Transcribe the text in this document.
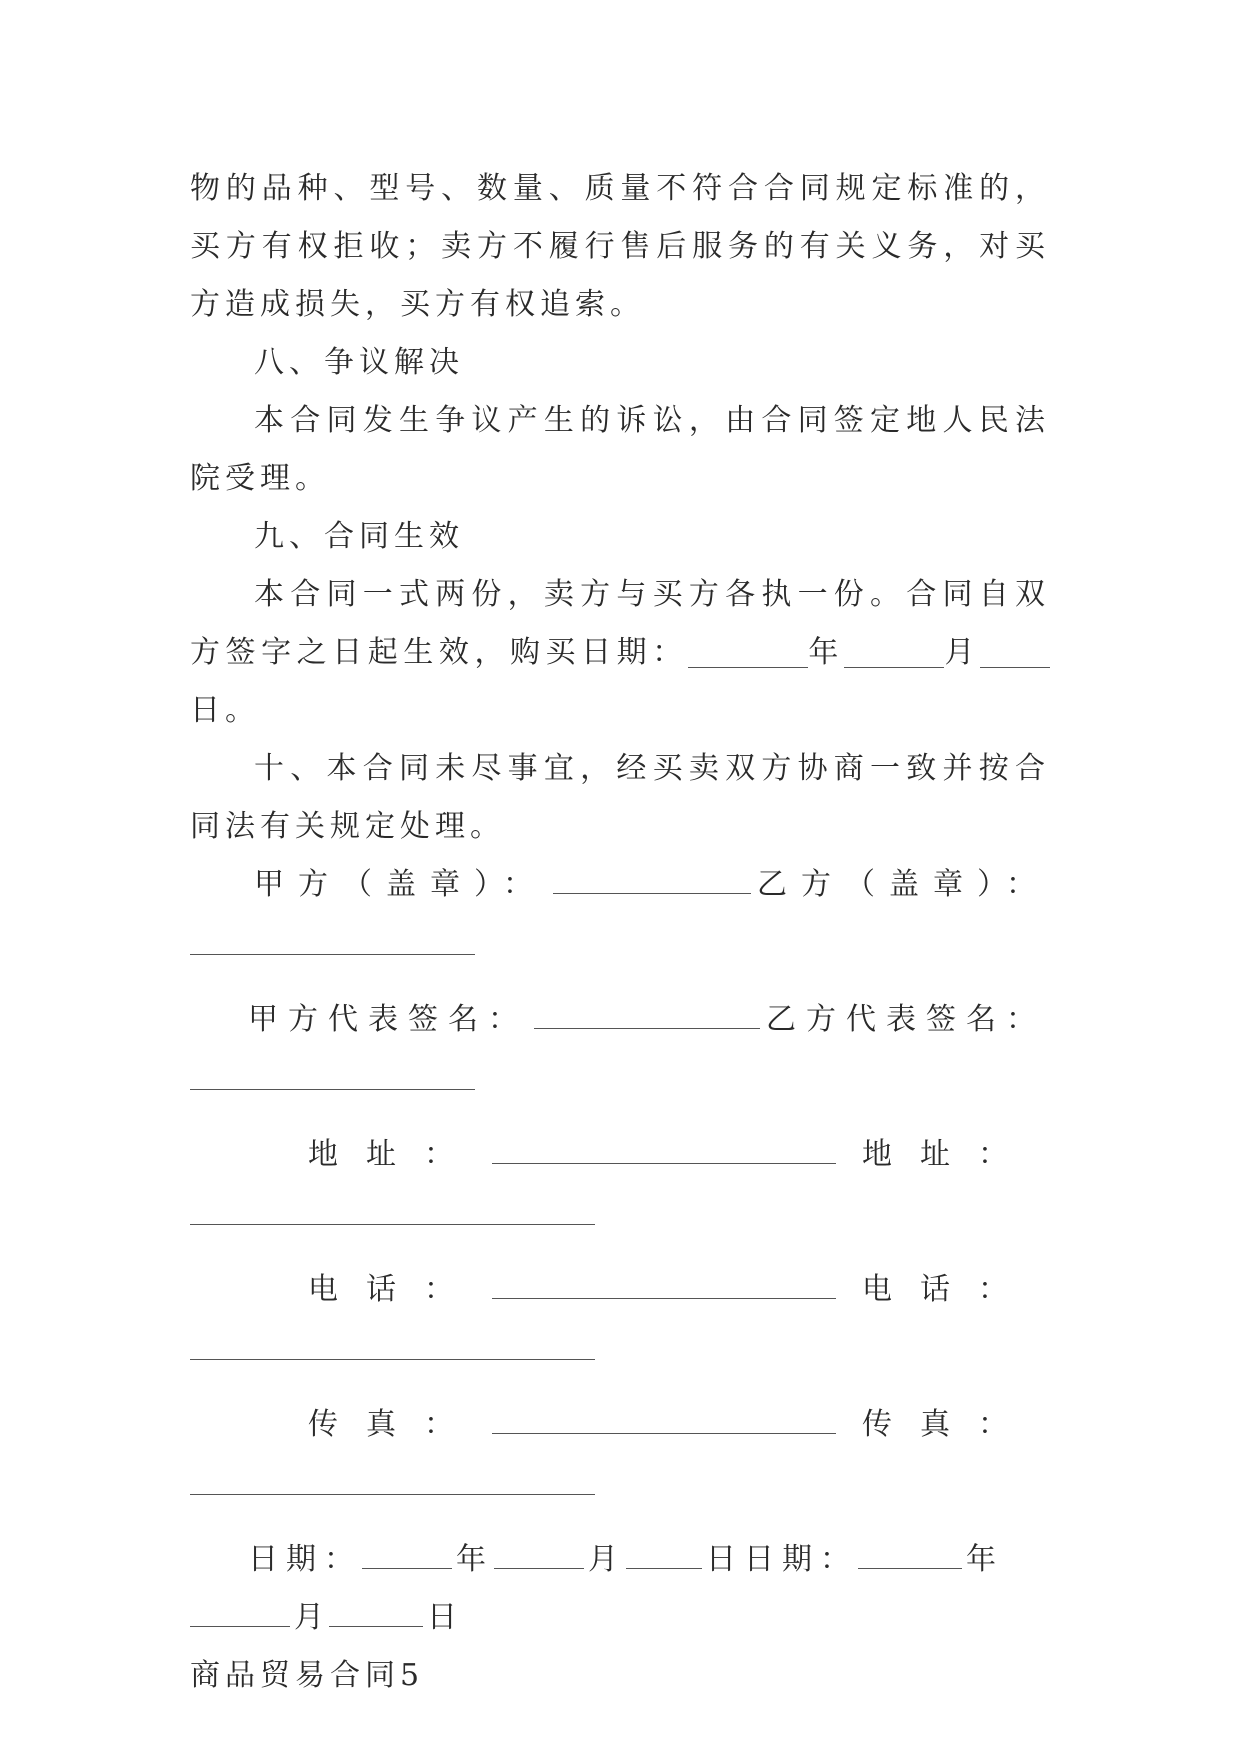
物的品种、型号、数量、质量不符合合同规定标准的，买方有权拒收；卖方不履行售后服务的有关义务，对买方造成损失，买方有权追索。

八、争议解决

本合同发生争议产生的诉讼，由合同签定地人民法院受理。

九、合同生效

本合同一式两份，卖方与买方各执一份。合同自双方签字之日起生效，购买日期：	年	月日。

十、本合同未尽事宜，经买卖双方协商一致并按合同法有关规定处理。

甲方（盖章）：	乙方（盖章）：
甲方代表签名：	乙方代表签名：
地址：	地址：
电话：	电话：
传真：	传真：
日期：	年	月	日 日期：	年
月	日

商品贸易合同5
